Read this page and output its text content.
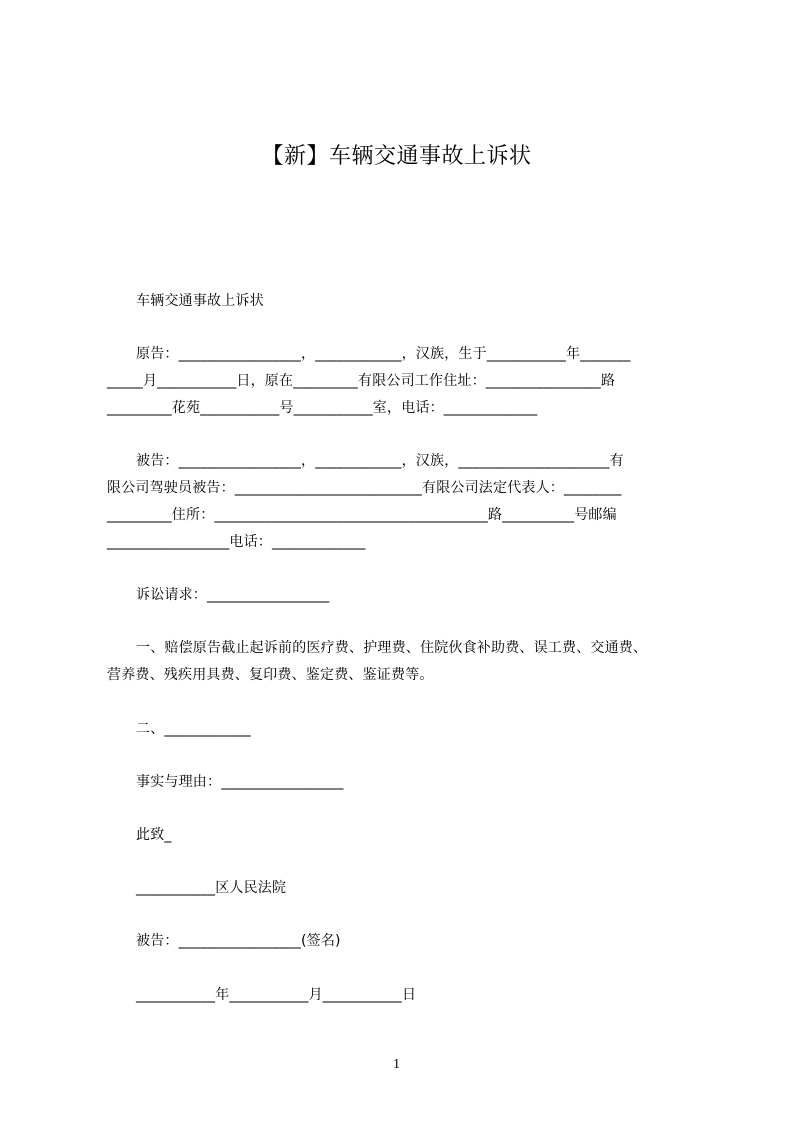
【新】车辆交通事故上诉状
车辆交通事故上诉状
原告：_________________，____________，汉族，生于___________年_______
_____月___________日，原在_________有限公司工作住址：________________路
_________花苑___________号___________室，电话：_____________
被告：_________________，____________，汉族，_____________________有
限公司驾驶员被告：__________________________有限公司法定代表人：________
_________住所：______________________________________路__________号邮编
_________________电话：_____________
诉讼请求：_________________
一、赔偿原告截止起诉前的医疗费、护理费、住院伙食补助费、误工费、交通费、
营养费、残疾用具费、复印费、鉴定费、鉴证费等。
二、____________
事实与理由：_________________
此致_
___________区人民法院
被告：_________________(签名)
___________年___________月___________日
1
